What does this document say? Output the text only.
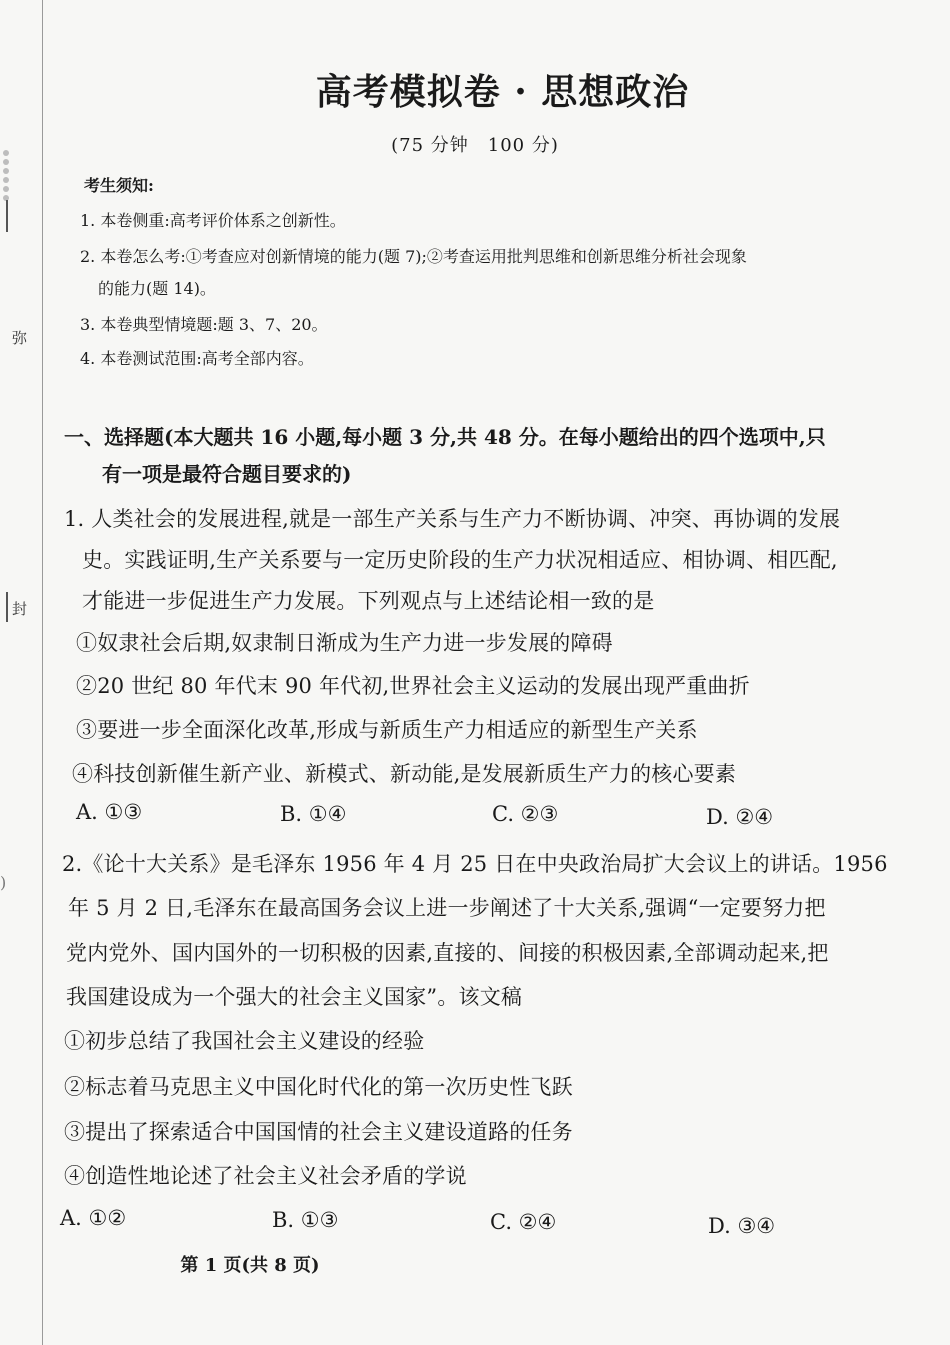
弥
封
)
高考模拟卷 · 思想政治
(75 分钟　100 分)
考生须知:
1. 本卷侧重:高考评价体系之创新性。
2. 本卷怎么考:①考查应对创新情境的能力(题 7);②考查运用批判思维和创新思维分析社会现象
的能力(题 14)。
3. 本卷典型情境题:题 3、7、20。
4. 本卷测试范围:高考全部内容。
一、选择题(本大题共 16 小题,每小题 3 分,共 48 分。在每小题给出的四个选项中,只
有一项是最符合题目要求的)
1. 人类社会的发展进程,就是一部生产关系与生产力不断协调、冲突、再协调的发展
史。实践证明,生产关系要与一定历史阶段的生产力状况相适应、相协调、相匹配,
才能进一步促进生产力发展。下列观点与上述结论相一致的是
①奴隶社会后期,奴隶制日渐成为生产力进一步发展的障碍
②20 世纪 80 年代末 90 年代初,世界社会主义运动的发展出现严重曲折
③要进一步全面深化改革,形成与新质生产力相适应的新型生产关系
④科技创新催生新产业、新模式、新动能,是发展新质生产力的核心要素
A. ①③	B. ①④	C. ②③	D. ②④
2.《论十大关系》是毛泽东 1956 年 4 月 25 日在中央政治局扩大会议上的讲话。1956
年 5 月 2 日,毛泽东在最高国务会议上进一步阐述了十大关系,强调“一定要努力把
党内党外、国内国外的一切积极的因素,直接的、间接的积极因素,全部调动起来,把
我国建设成为一个强大的社会主义国家”。该文稿
①初步总结了我国社会主义建设的经验
②标志着马克思主义中国化时代化的第一次历史性飞跃
③提出了探索适合中国国情的社会主义建设道路的任务
④创造性地论述了社会主义社会矛盾的学说
A. ①②	B. ①③	C. ②④	D. ③④
第 1 页(共 8 页)
